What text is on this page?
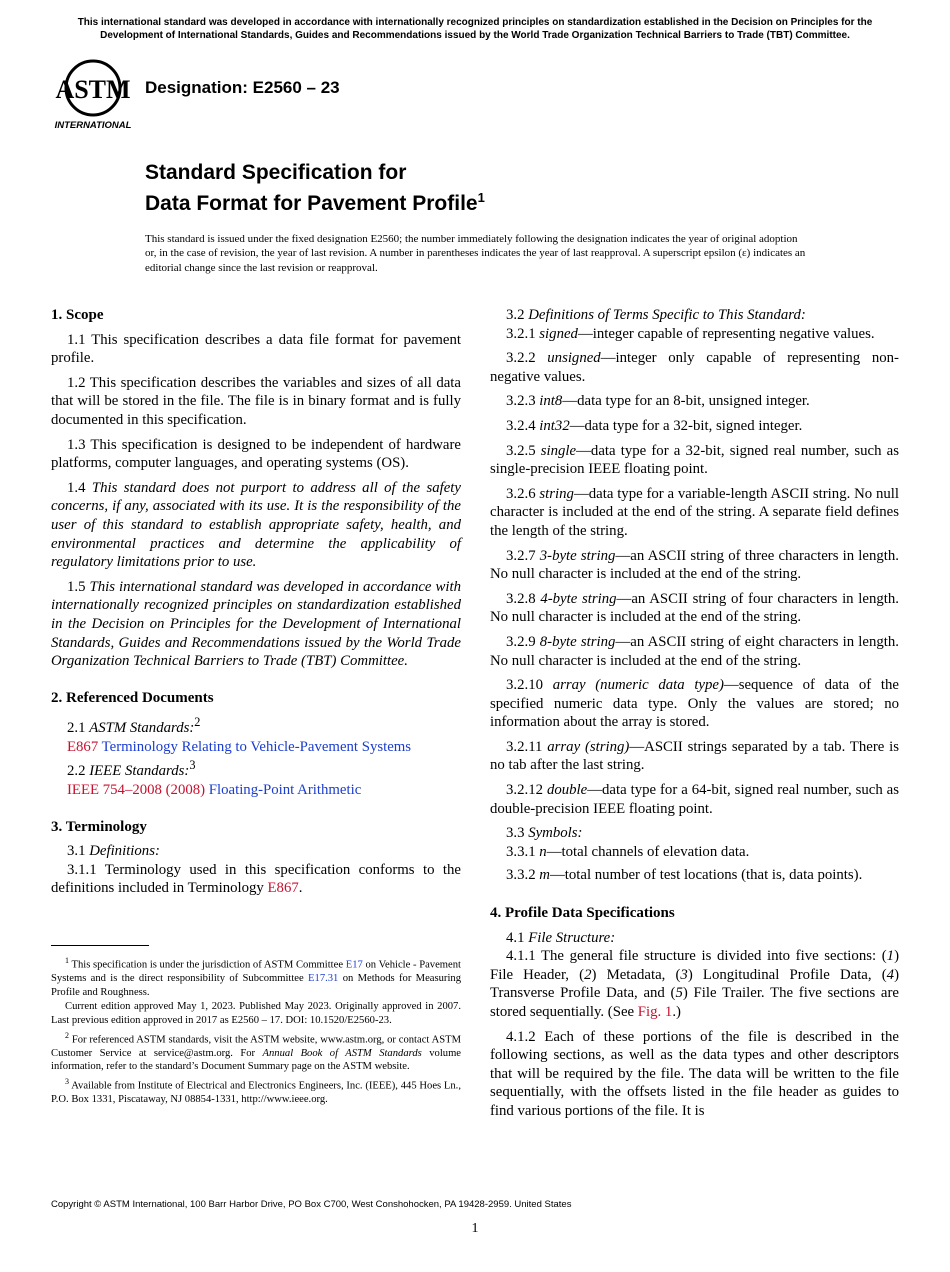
This international standard was developed in accordance with internationally recognized principles on standardization established in the Decision on Principles for the Development of International Standards, Guides and Recommendations issued by the World Trade Organization Technical Barriers to Trade (TBT) Committee.
ASTM
INTERNATIONAL
Designation: E2560 – 23
Standard Specification for
Data Format for Pavement Profile$^1$
This standard is issued under the fixed designation E2560; the number immediately following the designation indicates the year of original adoption or, in the case of revision, the year of last revision. A number in parentheses indicates the year of last reapproval. A superscript epsilon (ε) indicates an editorial change since the last revision or reapproval.
1. Scope

1.1 This specification describes a data file format for pavement profile.

1.2 This specification describes the variables and sizes of all data that will be stored in the file. The file is in binary format and is fully documented in this specification.

1.3 This specification is designed to be independent of hardware platforms, computer languages, and operating systems (OS).

1.4 This standard does not purport to address all of the safety concerns, if any, associated with its use. It is the responsibility of the user of this standard to establish appropriate safety, health, and environmental practices and determine the applicability of regulatory limitations prior to use.

1.5 This international standard was developed in accordance with internationally recognized principles on standardization established in the Decision on Principles for the Development of International Standards, Guides and Recommendations issued by the World Trade Organization Technical Barriers to Trade (TBT) Committee.

2. Referenced Documents

2.1 ASTM Standards:$^2$

E867 Terminology Relating to Vehicle-Pavement Systems

2.2 IEEE Standards:$^3$

IEEE 754–2008 (2008) Floating-Point Arithmetic

3. Terminology

3.1 Definitions:

3.1.1 Terminology used in this specification conforms to the definitions included in Terminology E867.

3.2 Definitions of Terms Specific to This Standard:

3.2.1 signed—integer capable of representing negative values.

3.2.2 unsigned—integer only capable of representing non-negative values.

3.2.3 int8—data type for an 8-bit, unsigned integer.

3.2.4 int32—data type for a 32-bit, signed integer.

3.2.5 single—data type for a 32-bit, signed real number, such as single-precision IEEE floating point.

3.2.6 string—data type for a variable-length ASCII string. No null character is included at the end of the string. A separate field defines the length of the string.

3.2.7 3-byte string—an ASCII string of three characters in length. No null character is included at the end of the string.

3.2.8 4-byte string—an ASCII string of four characters in length. No null character is included at the end of the string.

3.2.9 8-byte string—an ASCII string of eight characters in length. No null character is included at the end of the string.

3.2.10 array (numeric data type)—sequence of data of the specified numeric data type. Only the values are stored; no information about the array is stored.

3.2.11 array (string)—ASCII strings separated by a tab. There is no tab after the last string.

3.2.12 double—data type for a 64-bit, signed real number, such as double-precision IEEE floating point.

3.3 Symbols:

3.3.1 n—total channels of elevation data.

3.3.2 m—total number of test locations (that is, data points).

4. Profile Data Specifications

4.1 File Structure:

4.1.1 The general file structure is divided into five sections: (1) File Header, (2) Metadata, (3) Longitudinal Profile Data, (4) Transverse Profile Data, and (5) File Trailer. The five sections are stored sequentially. (See Fig. 1.)

4.1.2 Each of these portions of the file is described in the following sections, as well as the data types and other descriptors that will be required by the file. The data will be written to the file sequentially, with the offsets listed in the file header as guides to find various portions of the file. It is

$^1$ This specification is under the jurisdiction of ASTM Committee E17 on Vehicle - Pavement Systems and is the direct responsibility of Subcommittee E17.31 on Methods for Measuring Profile and Roughness.

Current edition approved May 1, 2023. Published May 2023. Originally approved in 2007. Last previous edition approved in 2017 as E2560 – 17. DOI: 10.1520/E2560-23.

$^2$ For referenced ASTM standards, visit the ASTM website, www.astm.org, or contact ASTM Customer Service at service@astm.org. For Annual Book of ASTM Standards volume information, refer to the standard’s Document Summary page on the ASTM website.

$^3$ Available from Institute of Electrical and Electronics Engineers, Inc. (IEEE), 445 Hoes Ln., P.O. Box 1331, Piscataway, NJ 08854-1331, http://www.ieee.org.

Copyright © ASTM International, 100 Barr Harbor Drive, PO Box C700, West Conshohocken, PA 19428-2959. United States
1
